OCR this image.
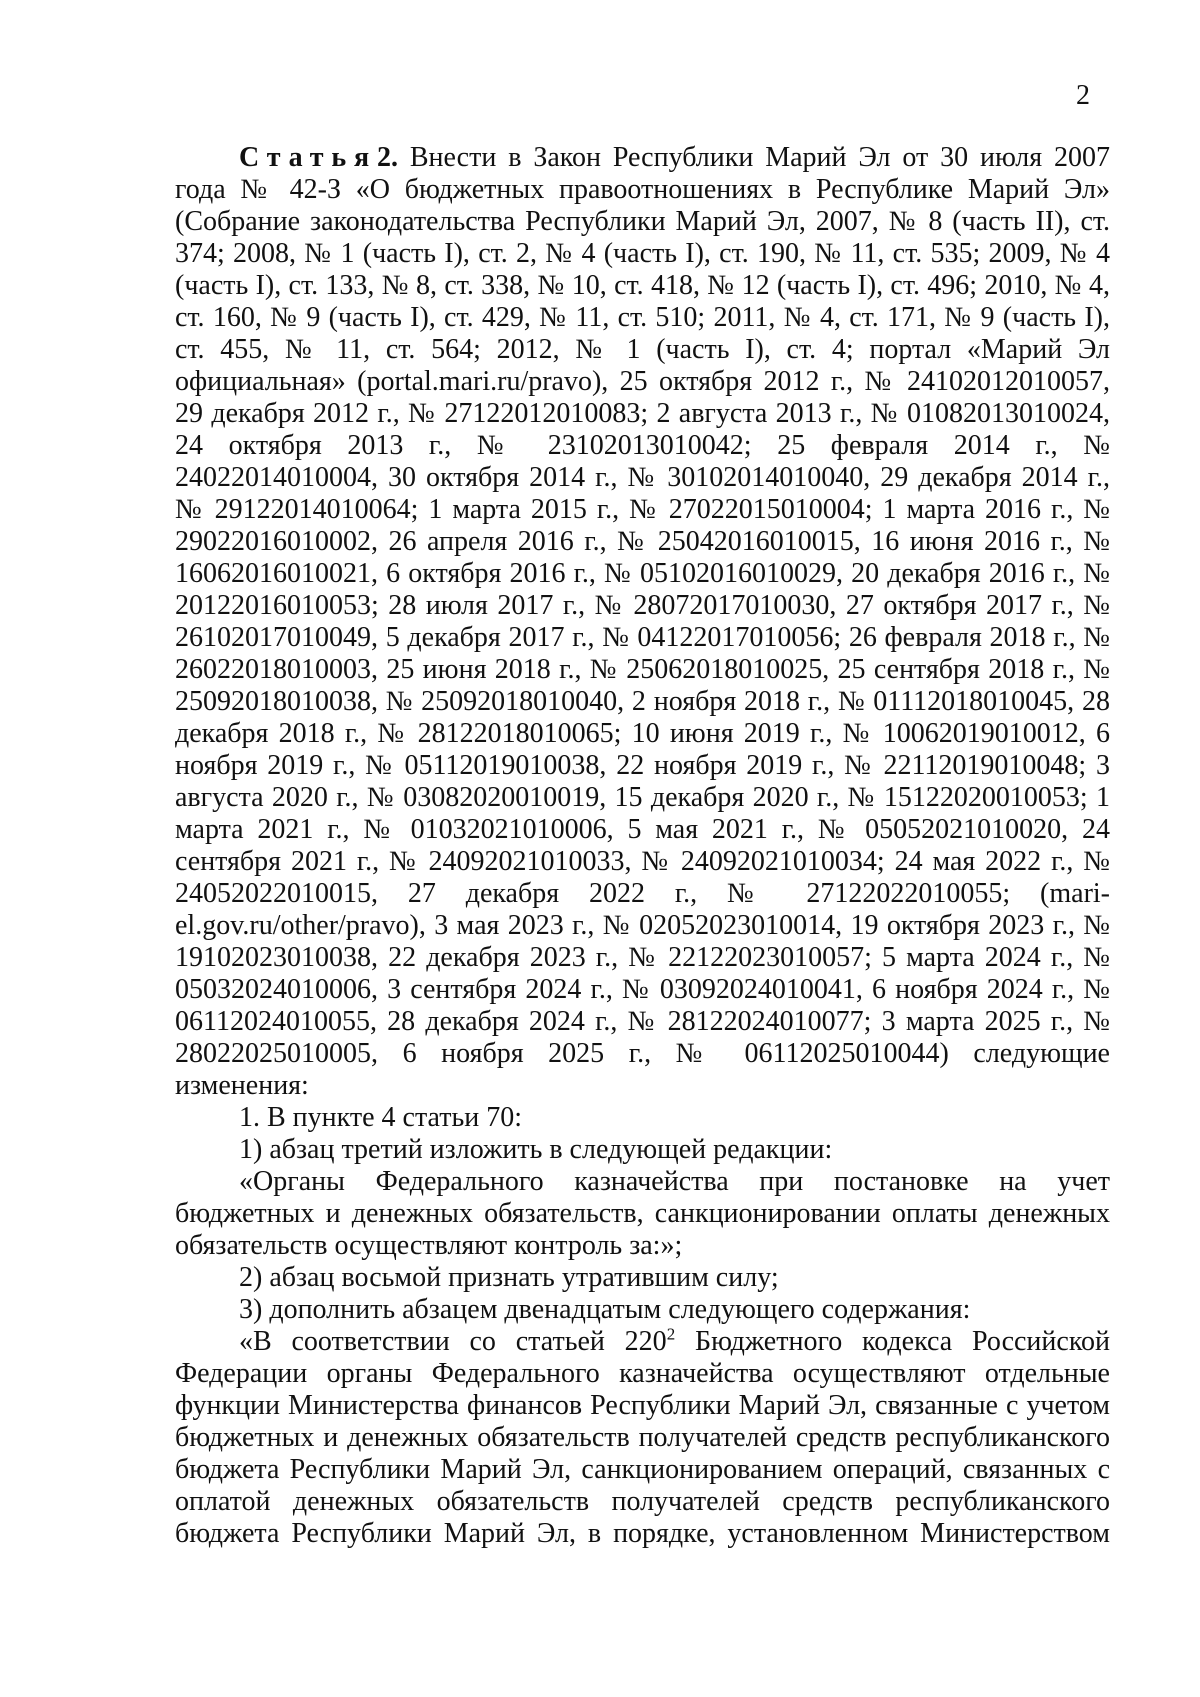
2

Статья2. Внести в Закон Республики Марий Эл от 30 июля 2007 года № 42-З «О бюджетных правоотношениях в Республике Марий Эл» (Собрание законодательства Республики Марий Эл, 2007, № 8 (часть II), ст. 374; 2008, № 1 (часть I), ст. 2, № 4 (часть I), ст. 190, № 11, ст. 535; 2009, № 4 (часть I), ст. 133, № 8, ст. 338, № 10, ст. 418, № 12 (часть I), ст. 496; 2010, № 4, ст. 160, № 9 (часть I), ст. 429, № 11, ст. 510; 2011, № 4, ст. 171, № 9 (часть I), ст. 455, № 11, ст. 564; 2012, № 1 (часть I), ст. 4; портал «Марий Эл официальная» (portal.mari.ru/pravo), 25 октября 2012 г., № 24102012010057, 29 декабря 2012 г., № 27122012010083; 2 августа 2013 г., № 01082013010024, 24 октября 2013 г., № 23102013010042; 25 февраля 2014 г., № 24022014010004, 30 октября 2014 г., № 30102014010040, 29 декабря 2014 г., № 29122014010064; 1 марта 2015 г., № 27022015010004; 1 марта 2016 г., № 29022016010002, 26 апреля 2016 г., № 25042016010015, 16 июня 2016 г., № 16062016010021, 6 октября 2016 г., № 05102016010029, 20 декабря 2016 г., № 20122016010053; 28 июля 2017 г., № 28072017010030, 27 октября 2017 г., № 26102017010049, 5 декабря 2017 г., № 04122017010056; 26 февраля 2018 г., № 26022018010003, 25 июня 2018 г., № 25062018010025, 25 сентября 2018 г., № 25092018010038, № 25092018010040, 2 ноября 2018 г., № 01112018010045, 28 декабря 2018 г., № 28122018010065; 10 июня 2019 г., № 10062019010012, 6 ноября 2019 г., № 05112019010038, 22 ноября 2019 г., № 22112019010048; 3 августа 2020 г., № 03082020010019, 15 декабря 2020 г., № 15122020010053; 1 марта 2021 г., № 01032021010006, 5 мая 2021 г., № 05052021010020, 24 сентября 2021 г., № 24092021010033, № 24092021010034; 24 мая 2022 г., № 24052022010015, 27 декабря 2022 г., № 27122022010055; (mari-el.gov.ru/other/pravo), 3 мая 2023 г., № 02052023010014, 19 октября 2023 г., № 19102023010038, 22 декабря 2023 г., № 22122023010057; 5 марта 2024 г., № 05032024010006, 3 сентября 2024 г., № 03092024010041, 6 ноября 2024 г., № 06112024010055, 28 декабря 2024 г., № 28122024010077; 3 марта 2025 г., № 28022025010005, 6 ноября 2025 г., № 06112025010044) следующие изменения:

1. В пункте 4 статьи 70:

1) абзац третий изложить в следующей редакции:

«Органы Федерального казначейства при постановке на учет бюджетных и денежных обязательств, санкционировании оплаты денежных обязательств осуществляют контроль за:»;

2) абзац восьмой признать утратившим силу;

3) дополнить абзацем двенадцатым следующего содержания:

«В соответствии со статьей $220^2$ Бюджетного кодекса Российской Федерации органы Федерального казначейства осуществляют отдельные функции Министерства финансов Республики Марий Эл, связанные с учетом бюджетных и денежных обязательств получателей средств республиканского бюджета Республики Марий Эл, санкционированием операций, связанных с оплатой денежных обязательств получателей средств республиканского бюджета Республики Марий Эл, в порядке, установленном Министерством
